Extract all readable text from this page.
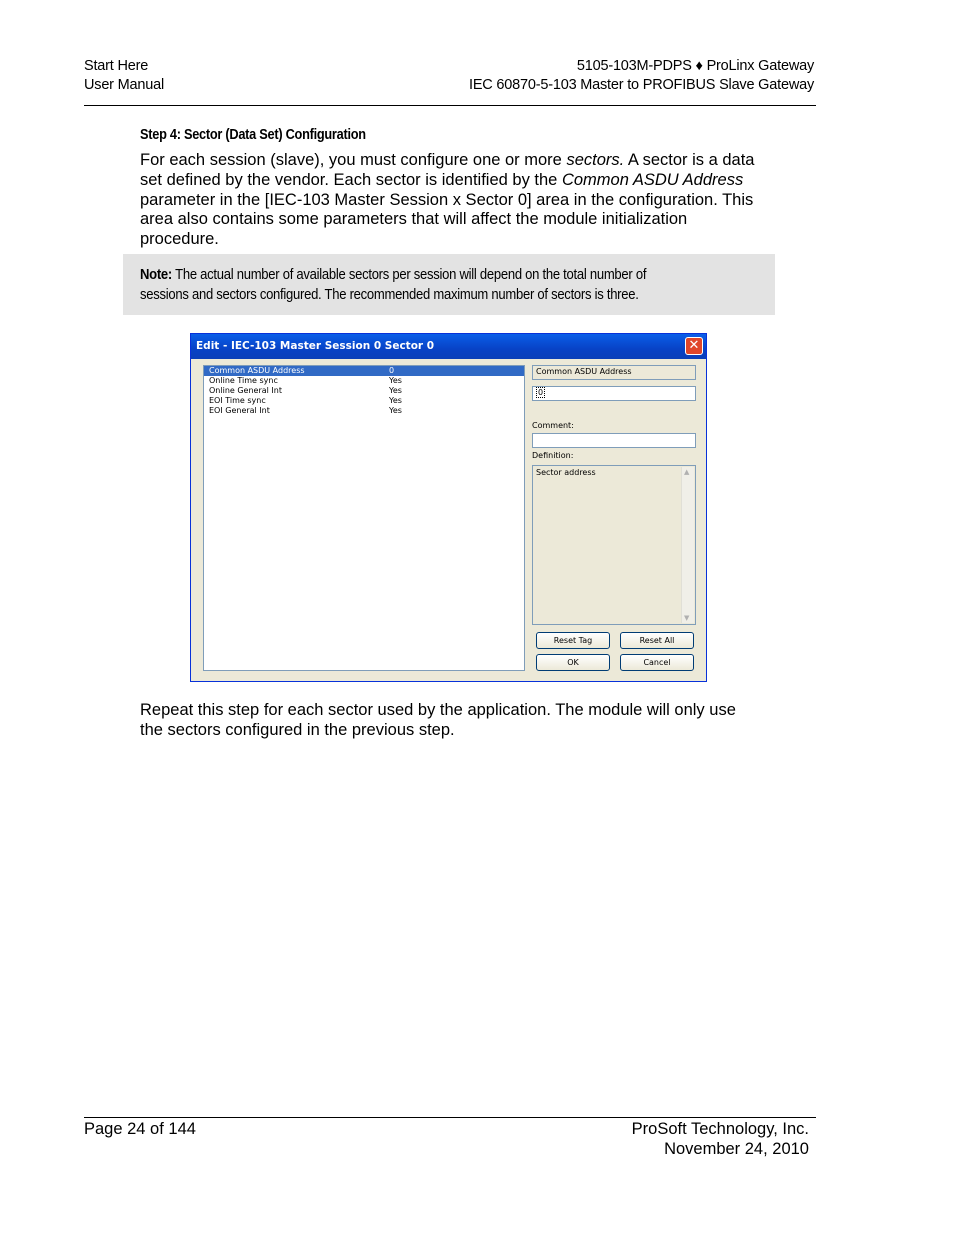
Start Here
User Manual
5105-103M-PDPS ♦ ProLinx Gateway
IEC 60870-5-103 Master to PROFIBUS Slave Gateway
Step 4: Sector (Data Set) Configuration

For each session (slave), you must configure one or more sectors. A sector is a data set defined by the vendor. Each sector is identified by the Common ASDU Address parameter in the [IEC-103 Master Session x Sector 0] area in the configuration. This area also contains some parameters that will affect the module initialization procedure.

Note: The actual number of available sectors per session will depend on the total number of
sessions and sectors configured. The recommended maximum number of sectors is three.
Edit - IEC-103 Master Session 0 Sector 0	✕
Common ASDU Address	0
Online Time sync	Yes
Online General Int	Yes
EOI Time sync	Yes
EOI General Int	Yes
Common ASDU Address
0
Comment:
Definition:
Sector address	▲
▼
Reset Tag	Reset All
OK	Cancel
Repeat this step for each sector used by the application. The module will only use the sectors configured in the previous step.
Page 24 of 144	ProSoft Technology, Inc.
November 24, 2010
